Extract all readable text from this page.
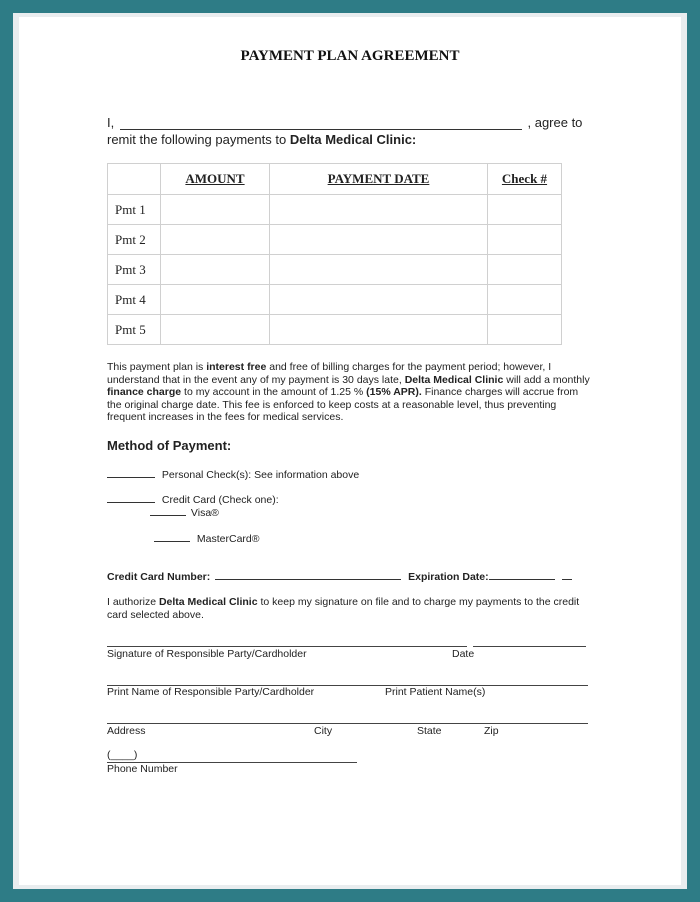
PAYMENT PLAN AGREEMENT
I,	, agree to
remit the following payments to Delta Medical Clinic:
	AMOUNT	PAYMENT DATE	Check #
Pmt 1			
Pmt 2			
Pmt 3			
Pmt 4			
Pmt 5			
This payment plan is interest free and free of billing charges for the payment period; however, I understand that in the event any of my payment is 30 days late, Delta Medical Clinic will add a monthly finance charge to my account in the amount of 1.25 % (15% APR). Finance charges will accrue from the original charge date. This fee is enforced to keep costs at a reasonable level, thus preventing frequent increases in the fees for medical services.
Method of Payment:
Personal Check(s): See information above
Credit Card (Check one):
Visa®
MasterCard®
Credit Card Number:	Expiration Date:
I authorize Delta Medical Clinic to keep my signature on file and to charge my payments to the credit card selected above.
Signature of Responsible Party/Cardholder	Date
Print Name of Responsible Party/Cardholder	Print Patient Name(s)
Address	City	State	Zip
(____)
Phone Number
